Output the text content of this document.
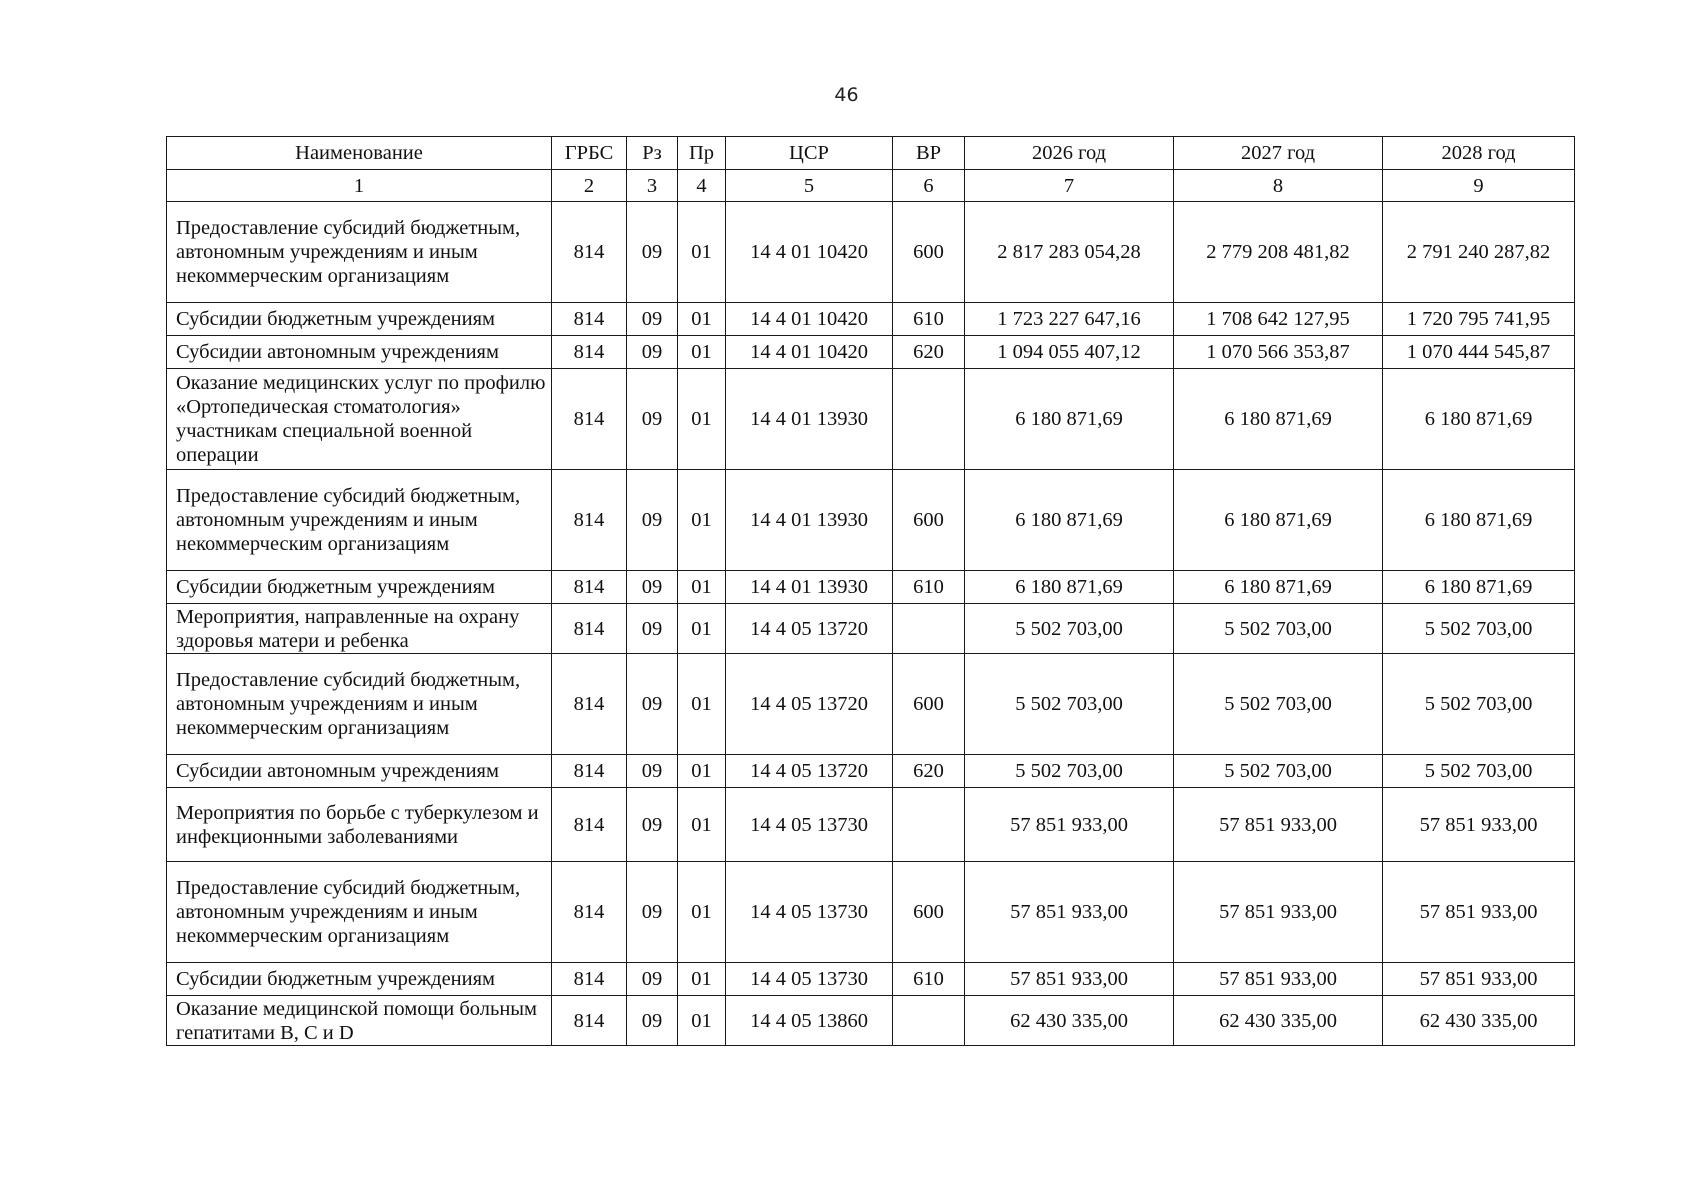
46
Наименование	ГРБС	Рз	Пр	ЦСР	ВР	2026 год	2027 год	2028 год
1	2	3	4	5	6	7	8	9
Предоставление субсидий бюджетным, автономным учреждениям и иным некоммерческим организациям	814	09	01	14 4 01 10420	600	2 817 283 054,28	2 779 208 481,82	2 791 240 287,82
Субсидии бюджетным учреждениям	814	09	01	14 4 01 10420	610	1 723 227 647,16	1 708 642 127,95	1 720 795 741,95
Субсидии автономным учреждениям	814	09	01	14 4 01 10420	620	1 094 055 407,12	1 070 566 353,87	1 070 444 545,87
Оказание медицинских услуг по профилю «Ортопедическая стоматология» участникам специальной военной операции	814	09	01	14 4 01 13930		6 180 871,69	6 180 871,69	6 180 871,69
Предоставление субсидий бюджетным, автономным учреждениям и иным некоммерческим организациям	814	09	01	14 4 01 13930	600	6 180 871,69	6 180 871,69	6 180 871,69
Субсидии бюджетным учреждениям	814	09	01	14 4 01 13930	610	6 180 871,69	6 180 871,69	6 180 871,69
Мероприятия, направленные на охрану здоровья матери и ребенка	814	09	01	14 4 05 13720		5 502 703,00	5 502 703,00	5 502 703,00
Предоставление субсидий бюджетным, автономным учреждениям и иным некоммерческим организациям	814	09	01	14 4 05 13720	600	5 502 703,00	5 502 703,00	5 502 703,00
Субсидии автономным учреждениям	814	09	01	14 4 05 13720	620	5 502 703,00	5 502 703,00	5 502 703,00
Мероприятия по борьбе с туберкулезом и инфекционными заболеваниями	814	09	01	14 4 05 13730		57 851 933,00	57 851 933,00	57 851 933,00
Предоставление субсидий бюджетным, автономным учреждениям и иным некоммерческим организациям	814	09	01	14 4 05 13730	600	57 851 933,00	57 851 933,00	57 851 933,00
Субсидии бюджетным учреждениям	814	09	01	14 4 05 13730	610	57 851 933,00	57 851 933,00	57 851 933,00
Оказание медицинской помощи больным гепатитами B, C и D	814	09	01	14 4 05 13860		62 430 335,00	62 430 335,00	62 430 335,00
